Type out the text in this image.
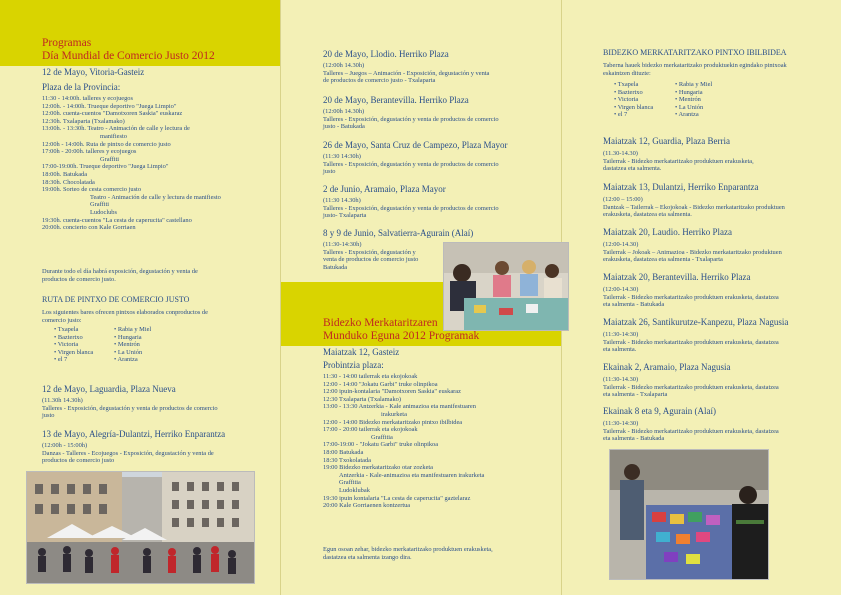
Programas
Día Mundial de Comercio Justo 2012
12 de Mayo, Vitoria-Gasteiz
Plaza de la Provincia:
11:30 - 14:00h. talleres y ecojuegos
12:00h. - 14:00h. Trueque deportivo "Juega Limpio"
12:00h. cuenta-cuentos "Damotxoren Saskia" euskaraz
12:30h. Txalaparta (Txalamako)
13:00h. - 13:30h. Teatro - Animación de calle y lectura de
manifiesto
12:00h - 14:00h. Ruta de pintxo de comercio justo
17:00h - 20:00h. talleres y ecojuegos
Graffiti
17:00-19:00h. Trueque deportivo "Juega Limpio"
18:00h. Batukada
18:30h. Chocolatada
19:00h. Sorteo de cesta comercio justo
Teatro - Animación de calle y lectura de manifiesto
Graffiti
Ludoclubs
19:30h. cuenta-cuentos "La cesta de caperucita" castellano
20:00h. concierto con Kale Gorriaen
Durante todo el día habrá exposición, degustación y venta de
productos de comercio justo.
RUTA DE PINTXO DE COMERCIO JUSTO
Los siguientes bares ofrecen pintxos elaborados conproductos de
comercio justo:
• Txapela
• Baztertxo
• Victoria
• Virgen blanca
• el 7
• Rabia y Miel
• Hungaria
• Mentrón
• La Unión
• Arantza
12 de Mayo, Laguardia, Plaza Nueva
(11.30h 14.30h)
Talleres - Exposición, degustación y venta de productos de comercio
justo
13 de Mayo, Alegría-Dulantzi, Herriko Enparantza
(12:00h - 15:00h)
Danzas - Talleres - Ecojuegos - Exposición, degustación y venta de
productos de comercio justo
20 de Mayo, Llodio. Herriko Plaza
(12:00h 14.30h)
Talleres – Juegos – Animación - Exposición, degustación y venta
de productos de comercio justo - Txalaparta
20 de Mayo, Berantevilla. Herriko Plaza
(12:00h 14.30h)
Talleres - Exposición, degustación y venta de productos de comercio
justo - Batukada
26 de Mayo, Santa Cruz de Campezo, Plaza Mayor
(11:30 14:30h)
Talleres - Exposición, degustación y venta de productos de comercio
justo
2 de Junio, Aramaio, Plaza Mayor
(11:30 14.30h)
Talleres - Exposición, degustación y venta de productos de comercio
justo- Txalaparta
8 y 9 de Junio, Salvatierra-Agurain (Alaí)
(11:30-14:30h)
Talleres - Exposición, degustación y
venta de productos de comercio justo
Batukada
Bidezko Merkataritzaren
Munduko Eguna 2012 Programak
Maiatzak 12, Gasteiz
Probintzia plaza:
11:30 - 14:00 tailerrak eta ekojokoak
12:00 - 14:00 "Jokatu Garbi" truke olinpikoa
12:00 ipuin-kontalaria "Damotxoren Saskia" euskaraz
12:30 Txalaparta (Txalamako)
13:00 - 13:30 Antzerkia - Kale animazioa eta manifestuaren
irakurketa
12:00 - 14:00 Bidezko merkataritzako pintxo ibilbidea
17:00 - 20:00 tailerrak eta ekojokoak
Graffitia
17:00-19:00 - "Jokatu Garbi" truke olinpikoa
18:00 Batukada
18:30 Txokolatada
19:00 Bidezko merkataritzako otar zozketa
Antzerkia - Kale-animazioa eta manifestuaren irakurketa
Graffitia
Ludoklubak
19:30 ipuin kontalaria "La cesta de caperucita" gaztelaraz
20:00 Kale Gorriaenen kontzertua
Egun osoan zehar, bidezko merkataritzako produktuen erakusketa,
dastatzea eta salmenta izango dira.
BIDEZKO MERKATARITZAKO PINTXO IBILBIDEA
Taberna hauek bidezko merkataritzako produktuekin egindako pintxoak
eskaintzen dituzte:
• Txapela
• Baztertxo
• Victoria
• Virgen blanca
• el 7
• Rabia y Miel
• Hungaria
• Mentrón
• La Unión
• Arantza
Maiatzak 12, Guardia, Plaza Berria
(11.30-14.30)
Tailerrak - Bidezko merkataritzako produktuen erakusketa,
dastatzea eta salmenta.
Maiatzak 13, Dulantzi, Herriko Enparantza
(12:00 – 15:00)
Dantzak – Tailerrak – Ekojokoak - Bidezko merkataritzako produktuen
erakusketa, dastatzea eta salmenta.
Maiatzak 20, Laudio. Herriko Plaza
(12:00-14.30)
Tailerrak – Jokoak – Animazioa - Bidezko merkataritzako produktuen
erakusketa, dastatzea eta salmenta - Txalaparta
Maiatzak 20, Berantevilla. Herriko Plaza
(12:00-14.30)
Tailerrak - Bidezko merkataritzako produktuen erakusketa, dastatzea
eta salmenta - Batukada
Maiatzak 26, Santikurutze-Kanpezu, Plaza Nagusia
(11:30-14:30)
Tailerrak - Bidezko merkataritzako produktuen erakusketa, dastatzea
eta salmenta.
Ekainak 2, Aramaio, Plaza Nagusia
(11:30-14.30)
Tailerrak - Bidezko merkataritzako produktuen erakusketa, dastatzea
eta salmenta - Txalaparta
Ekainak 8 eta 9, Agurain (Alaí)
(11:30-14:30)
Tailerrak - Bidezko merkataritzako produktuen erakusketa, dastatzea
eta salmenta - Batukada
